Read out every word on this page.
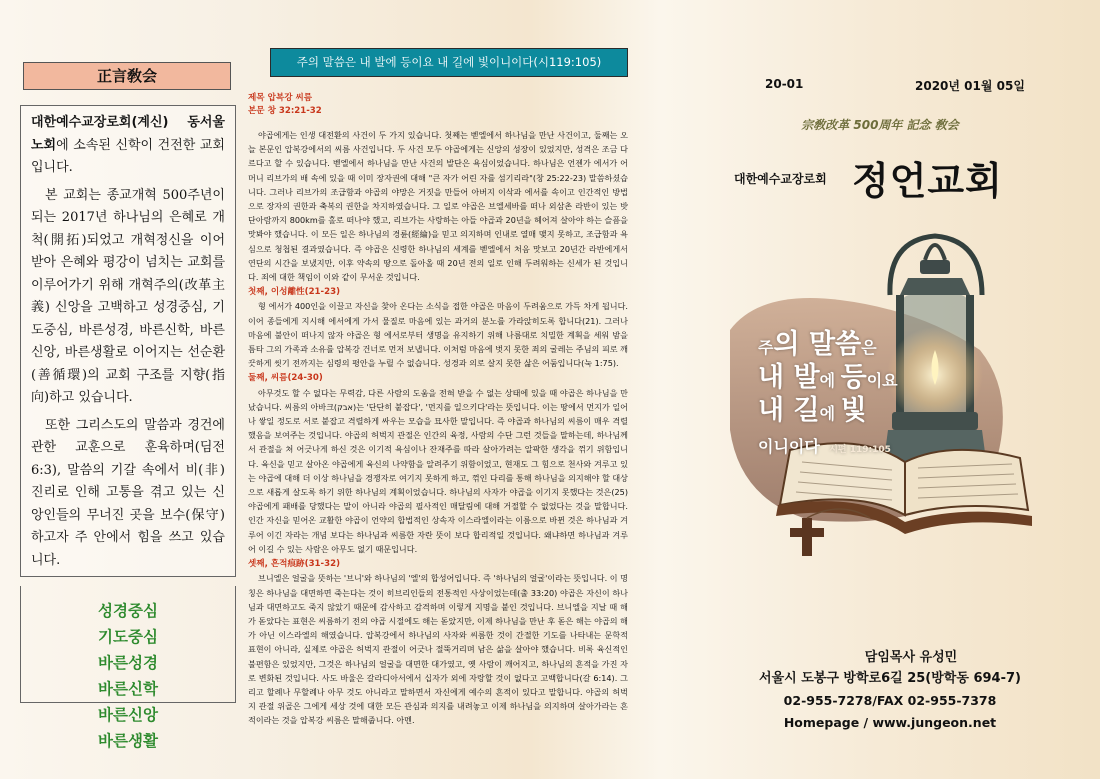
正言敎会

대한예수교장로회(계신) 동서울 노회에 소속된 신학이 건전한 교회입니다.

본 교회는 종교개혁 500주년이 되는 2017년 하나님의 은혜로 개척(開拓)되었고 개혁정신을 이어받아 은혜와 평강이 넘치는 교회를 이루어가기 위해 개혁주의(改革主義) 신앙을 고백하고 성경중심, 기도중심, 바른성경, 바른신학, 바른신앙, 바른생활로 이어지는 선순환(善循環)의 교회 구조를 지향(指向)하고 있습니다.

또한 그리스도의 말씀과 경건에 관한 교훈으로 훈육하며(딤전 6:3), 말씀의 기갈 속에서 비(非) 진리로 인해 고통을 겪고 있는 신앙인들의 무너진 곳을 보수(保守)하고자 주 안에서 힘을 쓰고 있습니다.

성경중심
기도중심
바른성경
바른신학
바른신앙
바른생활
주의 말씀은 내 발에 등이요 내 길에 빛이니이다(시119:105)
제목 압복강 씨름
본문 창 32:21-32

야곱에게는 인생 대전환의 사건이 두 가지 있습니다. 첫째는 벧엘에서 하나님을 만난 사건이고, 둘째는 오늘 본문인 압복강에서의 씨름 사건입니다. 두 사건 모두 야곱에게는 신앙의 성장이 있었지만, 성격은 조금 다르다고 할 수 있습니다. 벧엘에서 하나님을 만난 사건의 발단은 욕심이었습니다. 하나님은 언젠가 에서가 어머니 리브가의 배 속에 있을 때 이미 장자권에 대해 "큰 자가 어린 자를 섬기리라"(창 25:22-23) 말씀하셨습니다. 그러나 리브가의 조급함과 야곱의 야망은 거짓을 만들어 아버지 이삭과 에서를 속이고 인간적인 방법으로 장자의 권한과 축복의 권한을 차지하였습니다. 그 일로 야곱은 브엘세바를 떠나 외삼촌 라반이 있는 밧단아람까지 800km를 홀로 떠나야 했고, 리브가는 사랑하는 아들 야곱과 20년을 헤어져 살아야 하는 슬픔을 맛봐야 했습니다. 이 모든 일은 하나님의 경륜(經綸)을 믿고 의지하며 인내로 열매 맺지 못하고, 조급함과 욕심으로 청첩된 결과였습니다. 즉 야곱은 신령한 하나님의 세계를 벧엘에서 처음 맛보고 20년간 라반에게서 연단의 시간을 보냈지만, 이후 약속의 땅으로 돌아올 때 20년 전의 일로 인해 두려워하는 신세가 된 것입니다. 죄에 대한 책임이 이와 같이 무서운 것입니다.

첫째, 이성離性(21-23)

형 에서가 400인을 이끌고 자신을 찾아 온다는 소식을 접한 야곱은 마음이 두려움으로 가득 차게 됩니다. 이어 종들에게 지시해 에서에게 가서 물질로 마음에 있는 과거의 분노를 가라앉히도록 합니다(21). 그러나 마음에 불안이 떠나지 않자 야곱은 형 에서로부터 생명을 유지하기 위해 나름대로 치밀한 계획을 세워 밤을 틈타 그의 가족과 소유를 압복강 건너로 먼저 보냅니다. 이처럼 마음에 벗지 못한 죄의 굴레는 주님의 피로 깨끗하게 씻기 전까지는 심령의 평안을 누릴 수 없습니다. 성경과 의로 살지 못한 삶은 어둠입니다(눅 1:75).

둘째, 씨름(24-30)

아무것도 할 수 없다는 무력감, 다른 사람의 도움을 전혀 받을 수 없는 상태에 있을 때 야곱은 하나님을 만났습니다. 씨름의 아바크(אבק)는 '단단히 붙잡다', '먼지를 일으키다'라는 뜻입니다. 이는 땅에서 먼지가 일어나 쌓일 정도로 서로 붙잡고 격렬하게 싸우는 모습을 묘사한 말입니다. 즉 야곱과 하나님의 씨름이 매우 격렬했음을 보여주는 것입니다. 야곱의 허벅지 관절은 인간의 육정, 사람의 수단 그런 것들을 말하는데, 하나님께서 관절을 쳐 어긋나게 하신 것은 이기적 욕심이나 잔재주를 따라 살아가려는 알팍한 생각을 꺾기 위함입니다. 육신을 믿고 살아온 야곱에게 육신의 나약함을 알려주기 위함이었고, 현재도 그 힘으로 천사와 겨루고 있는 야곱에 대해 더 이상 하나님을 경쟁자로 여기지 못하게 하고, 꺾인 다리를 통해 하나님을 의지해야 할 대상으로 새롭게 살도록 하기 위한 하나님의 계획이었습니다. 하나님의 사자가 야곱을 이기지 못했다는 것은(25) 야곱에게 패배를 당했다는 말이 아니라 야곱의 필사적인 매달림에 대해 거절할 수 없었다는 것을 말합니다. 인간 자신을 믿어온 교활한 야곱이 언약의 합법적인 상속자 이스라엘이라는 이름으로 바뀐 것은 하나님과 겨루어 이긴 자라는 개념 보다는 하나님과 씨름한 자란 뜻이 보다 합리적일 것입니다. 왜냐하면 하나님과 겨루어 이길 수 있는 사람은 아무도 없기 때문입니다.

셋째, 흔적痕跡(31-32)

브니엘은 얼굴을 뜻하는 '브니'와 하나님의 '엘'의 합성어입니다. 즉 '하나님의 얼굴'이라는 뜻입니다. 이 명칭은 하나님을 대면하면 죽는다는 것이 히브리인들의 전통적인 사상이었는데(출 33:20) 야곱은 자신이 하나님과 대면하고도 죽지 않았기 때문에 감사하고 감격하며 이렇게 지명을 붙인 것입니다. 브니엘을 지날 때 해가 돋았다는 표현은 씨름하기 전의 야곱 시절에도 해는 돋았지만, 이제 하나님을 만난 후 돋은 해는 야곱의 해가 아닌 이스라엘의 해였습니다. 압복강에서 하나님의 사자와 씨름한 것이 간절한 기도를 나타내는 문학적 표현이 아니라, 실제로 야곱은 허벅지 관절이 어긋나 절뚝거리며 남은 삶을 살아야 했습니다. 비록 육신적인 불편함은 있었지만, 그것은 하나님의 얼굴을 대면한 대가였고, 옛 사람이 깨어지고, 하나님의 흔적을 가진 자로 변화된 것입니다. 사도 바울은 갈라디아서에서 십자가 외에 자랑할 것이 없다고 고백합니다(갈 6:14). 그리고 할례나 무할례나 아무 것도 아니라고 말하면서 자신에게 예수의 흔적이 있다고 말합니다. 야곱의 허벅지 관절 위골은 그에게 세상 것에 대한 모든 관심과 의지를 내려놓고 이제 하나님을 의지하며 살아가라는 흔적이라는 것을 압복강 씨름은 말해줍니다. 아멘.

20-01	2020년 01월 05일
宗敎改革 500周年 記念 敎会
대한예수교장로회 정언교회
주의 말씀은
내 발에 등이요
내 길에 빛
이니이다 시편 119:105
담임목사 유성민
서울시 도봉구 방학로6길 25(방학동 694-7)
02-955-7278/FAX 02-955-7378
Homepage / www.jungeon.net
